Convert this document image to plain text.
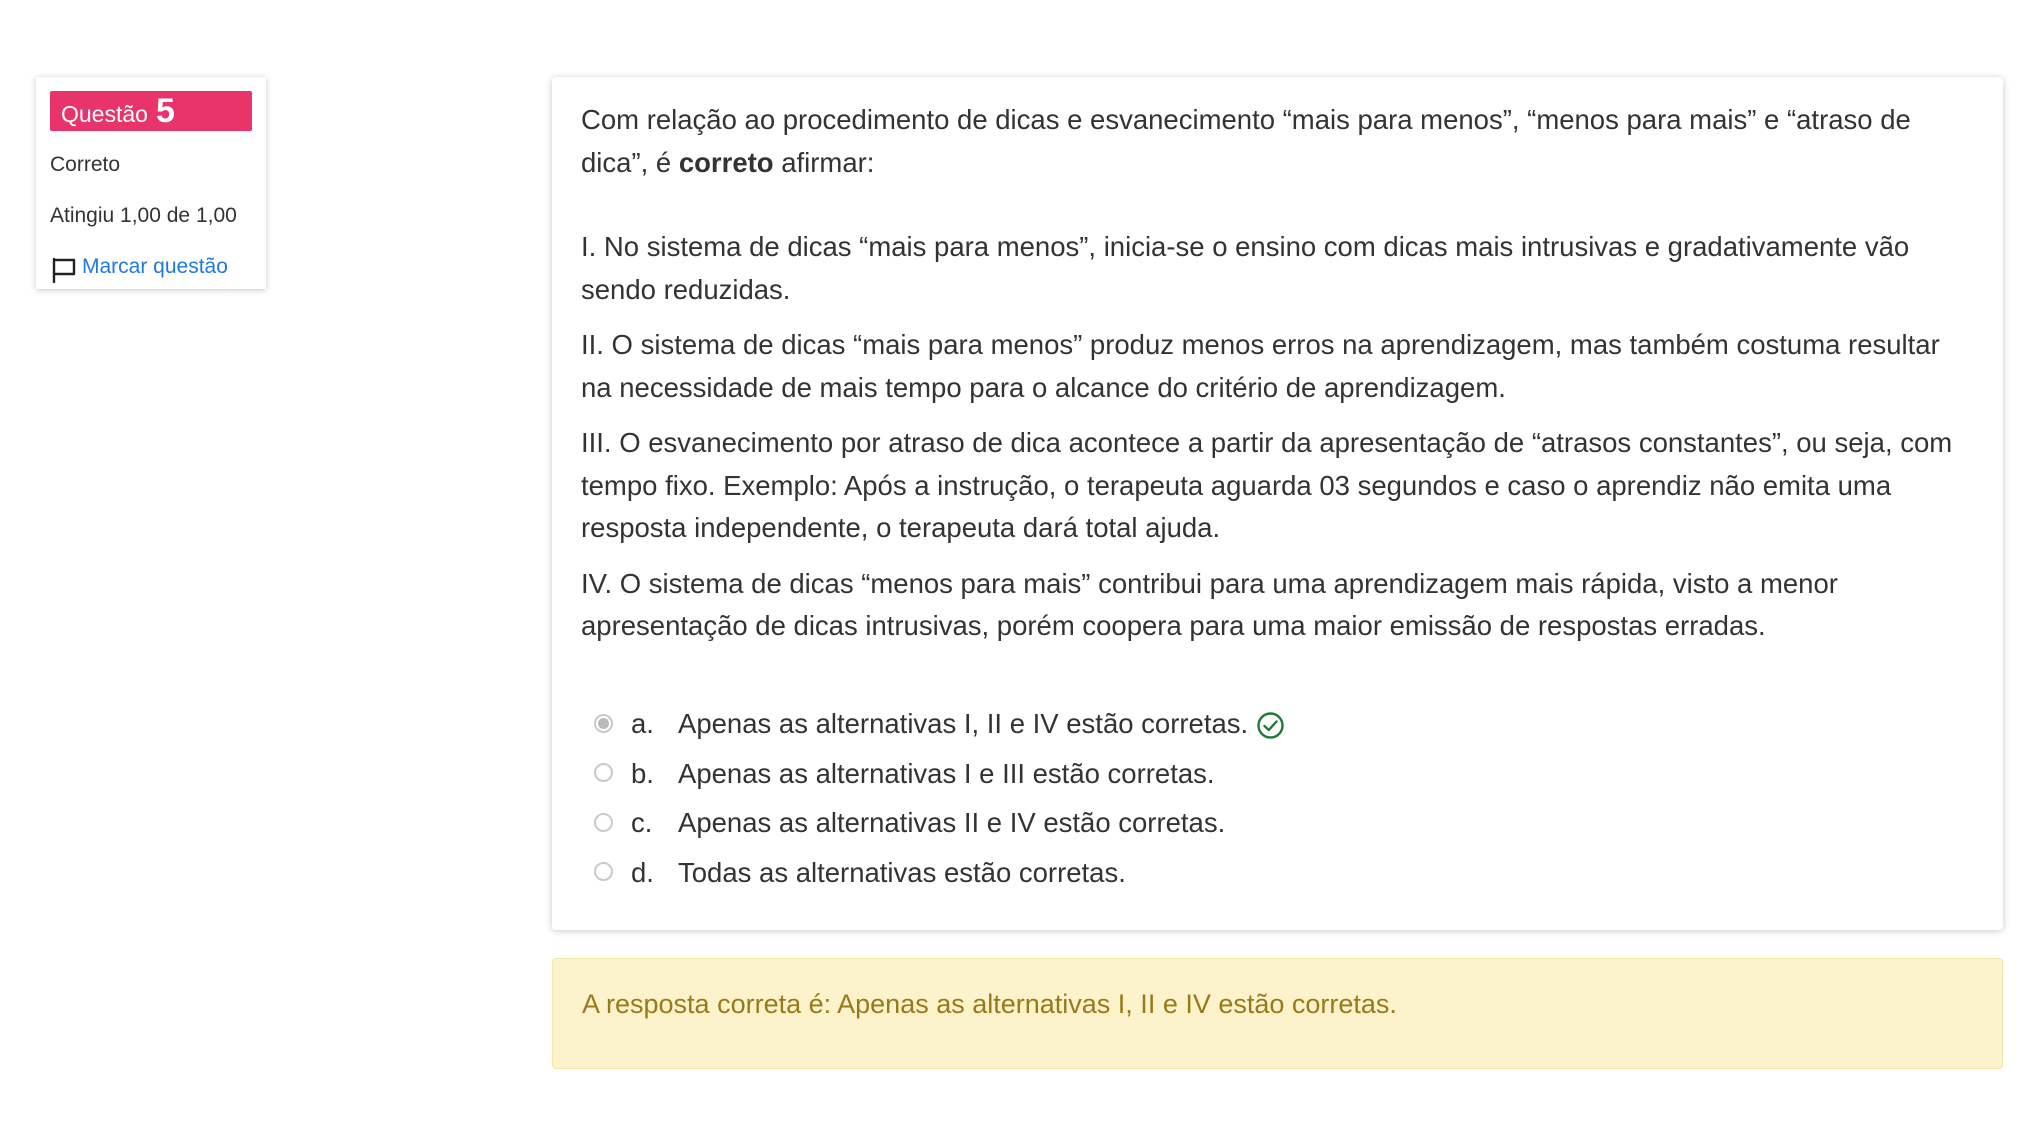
Questão 5
Correto
Atingiu 1,00 de 1,00
Marcar questão

Com relação ao procedimento de dicas e esvanecimento “mais para menos”, “menos para mais” e “atraso de dica”, é correto afirmar:

I. No sistema de dicas “mais para menos”, inicia-se o ensino com dicas mais intrusivas e gradativamente vão sendo reduzidas.

II. O sistema de dicas “mais para menos” produz menos erros na aprendizagem, mas também costuma resultar na necessidade de mais tempo para o alcance do critério de aprendizagem.

III. O esvanecimento por atraso de dica acontece a partir da apresentação de “atrasos constantes”, ou seja, com tempo fixo. Exemplo: Após a instrução, o terapeuta aguarda 03 segundos e caso o aprendiz não emita uma resposta independente, o terapeuta dará total ajuda.

IV. O sistema de dicas “menos para mais” contribui para uma aprendizagem mais rápida, visto a menor apresentação de dicas intrusivas, porém coopera para uma maior emissão de respostas erradas.

a. Apenas as alternativas I, II e IV estão corretas.
b. Apenas as alternativas I e III estão corretas.
c. Apenas as alternativas II e IV estão corretas.
d. Todas as alternativas estão corretas.
A resposta correta é: Apenas as alternativas I, II e IV estão corretas.
